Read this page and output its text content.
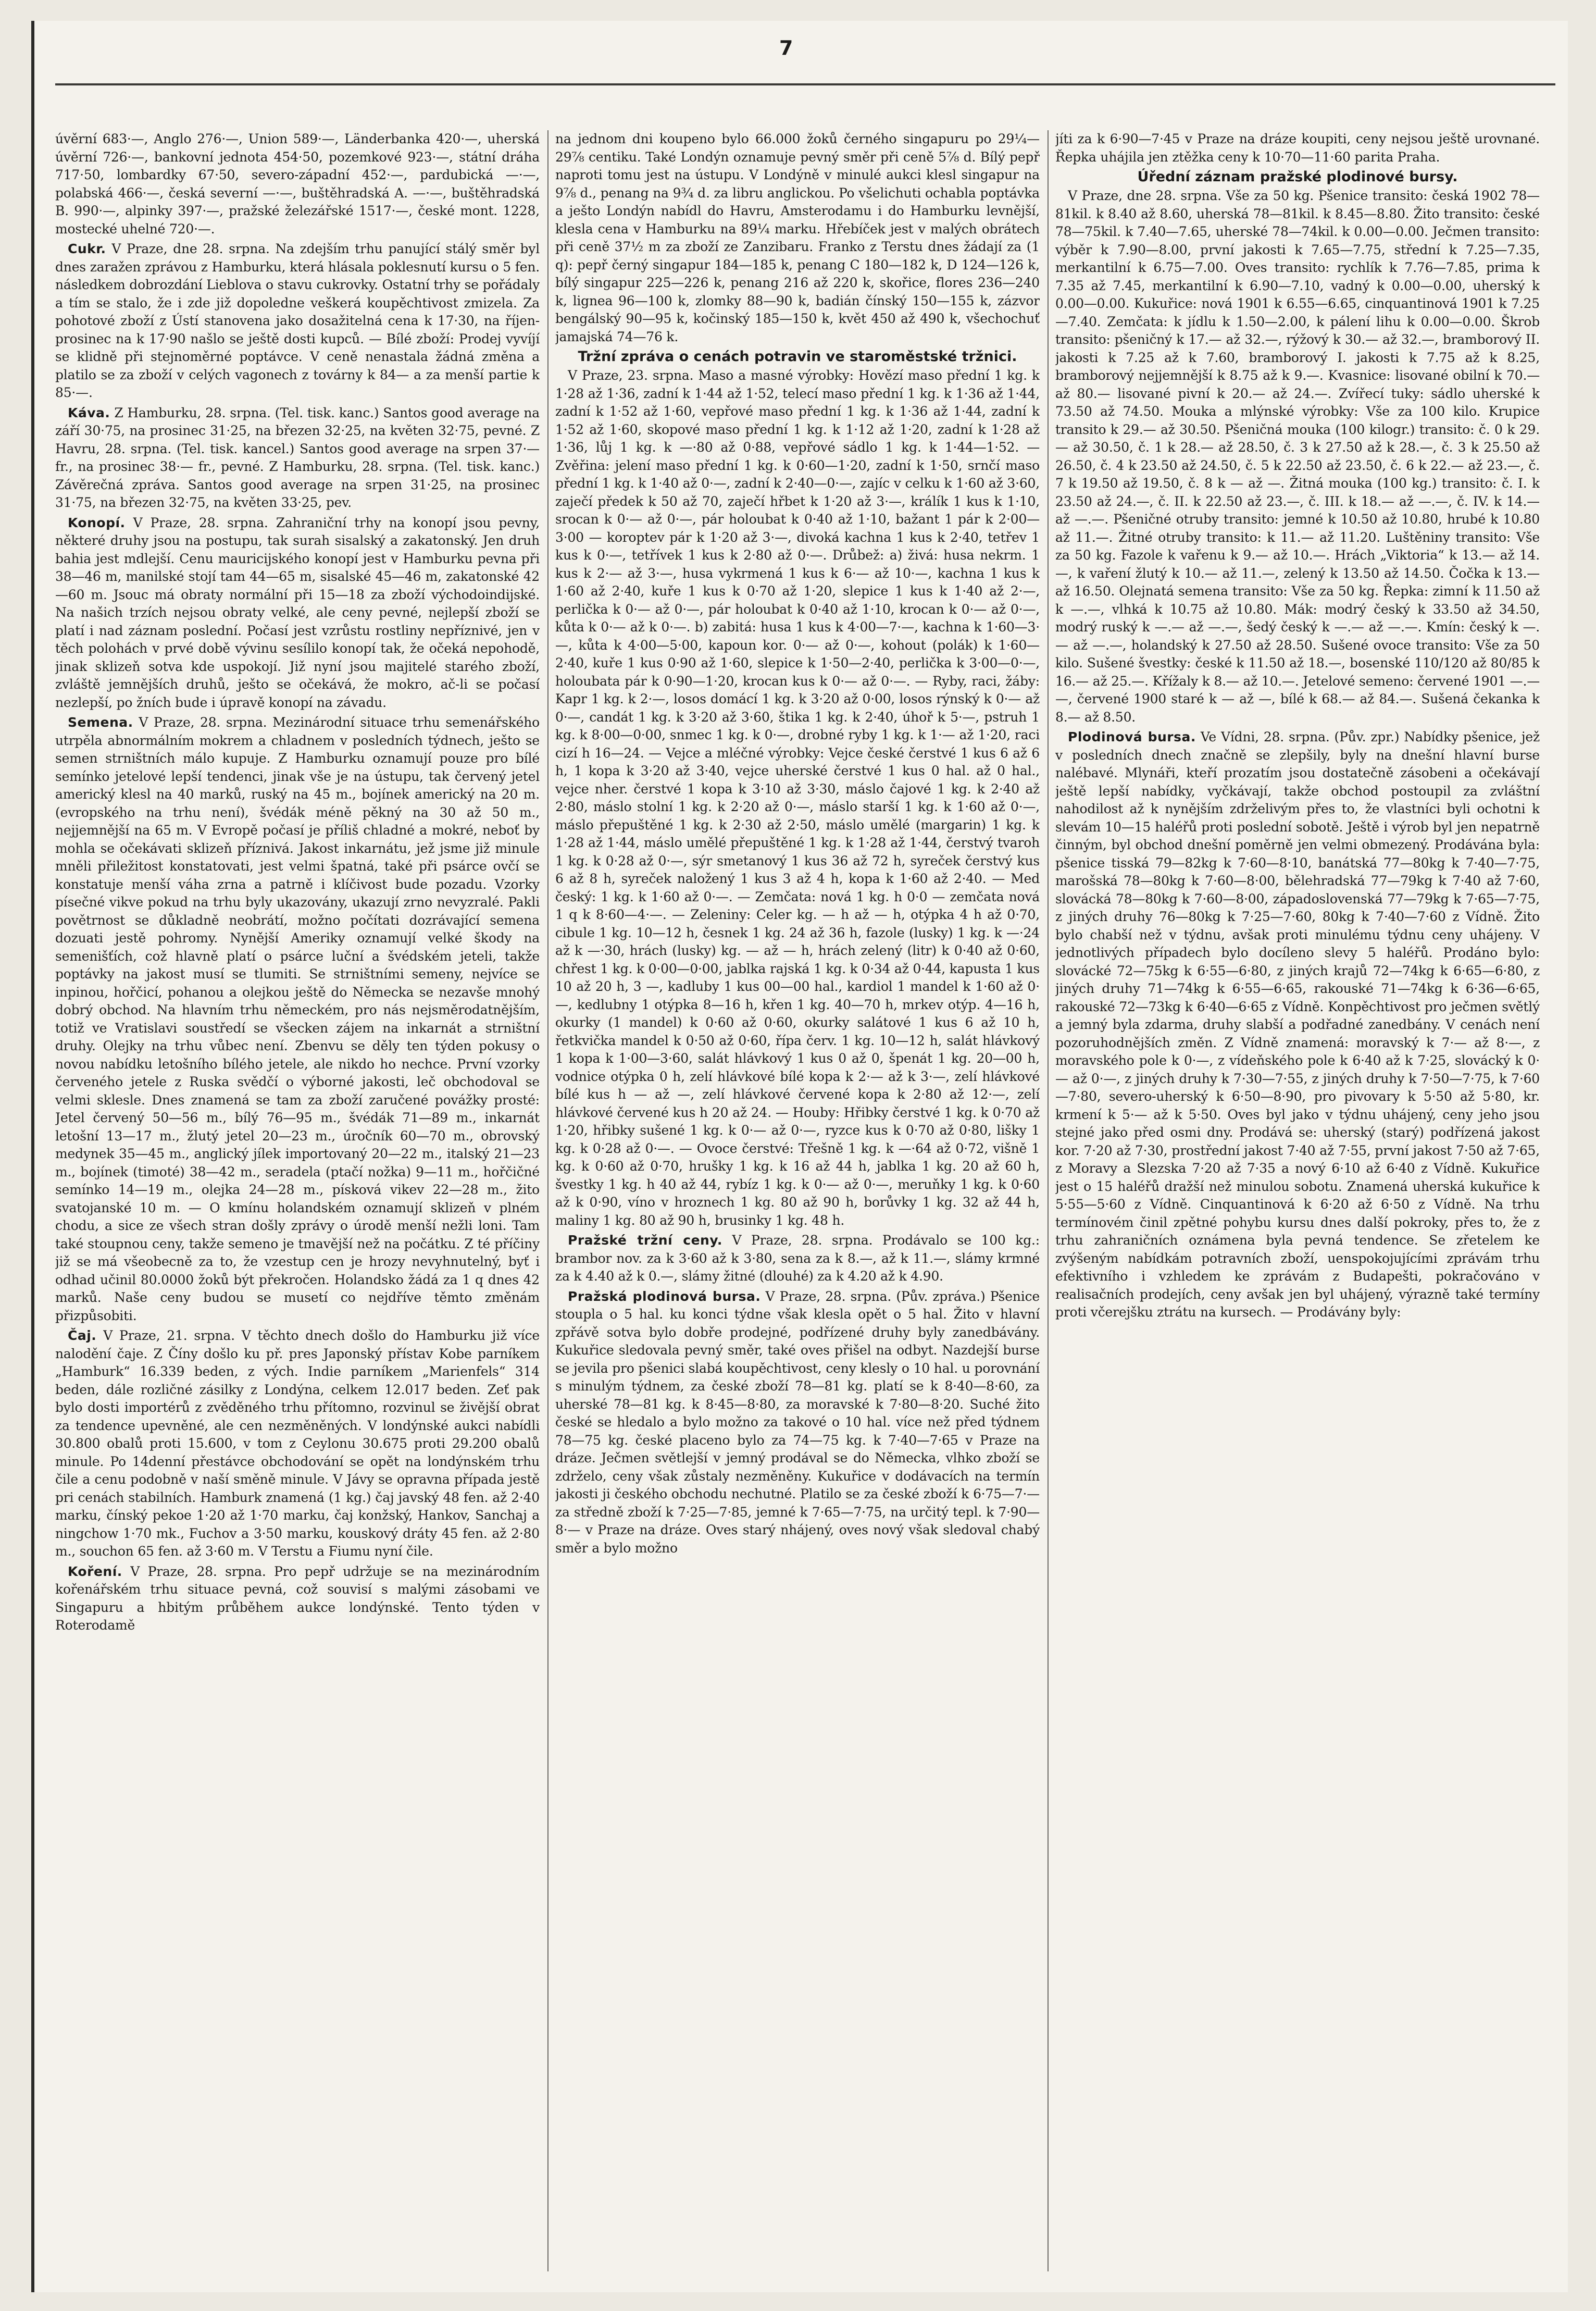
7

úvěrní 683·—, Anglo 276·—, Union 589·—, Länderbanka 420·—, uherská úvěrní 726·—, bankovní jednota 454·50, pozemkové 923·—, státní dráha 717·50, lombardky 67·50, severo-západní 452·—, pardubická —·—, polabská 466·—, česká severní —·—, buštěhradská A. —·—, buštěhradská B. 990·—, alpinky 397·—, pražské železářské 1517·—, české mont. 1228, mostecké uhelné 720·—.

Cukr. V Praze, dne 28. srpna. Na zdejším trhu panující stálý směr byl dnes zaražen zprávou z Hamburku, která hlásala poklesnutí kursu o 5 fen. následkem dobrozdání Lieblova o stavu cukrovky. Ostatní trhy se pořádaly a tím se stalo, že i zde již dopoledne veškerá koupěchtivost zmizela. Za pohotové zboží z Ústí stanovena jako dosažitelná cena k 17·30, na říjen-prosinec na k 17·90 našlo se ještě dosti kupců. — Bílé zboží: Prodej vyvíjí se klidně při stejnoměrné poptávce. V ceně nenastala žádná změna a platilo se za zboží v celých vagonech z továrny k 84— a za menší partie k 85·—.

Káva. Z Hamburku, 28. srpna. (Tel. tisk. kanc.) Santos good average na září 30·75, na prosinec 31·25, na březen 32·25, na květen 32·75, pevné. Z Havru, 28. srpna. (Tel. tisk. kancel.) Santos good average na srpen 37·— fr., na prosinec 38·— fr., pevné. Z Hamburku, 28. srpna. (Tel. tisk. kanc.) Závěrečná zpráva. Santos good average na srpen 31·25, na prosinec 31·75, na březen 32·75, na květen 33·25, pev.

Konopí. V Praze, 28. srpna. Zahraniční trhy na konopí jsou pevny, některé druhy jsou na postupu, tak surah sisalský a zakatonský. Jen druh bahia jest mdlejší. Cenu mauricijského konopí jest v Hamburku pevna při 38—46 m, manilské stojí tam 44—65 m, sisalské 45—46 m, zakatonské 42—60 m. Jsouc má obraty normální při 15—18 za zboží východoindijské. Na našich trzích nejsou obraty velké, ale ceny pevné, nejlepší zboží se platí i nad záznam poslední. Počasí jest vzrůstu rostliny nepříznivé, jen v těch polohách v prvé době vývinu sesílilo konopí tak, že očeká nepohodě, jinak sklizeň sotva kde uspokojí. Již nyní jsou majitelé starého zboží, zvláště jemnějších druhů, ješto se očekává, že mokro, ač-li se počasí nezlepší, po žních bude i úpravě konopí na závadu.

Semena. V Praze, 28. srpna. Mezinárodní situace trhu semenářského utrpěla abnormálním mokrem a chladnem v posledních týdnech, ješto se semen strništních málo kupuje. Z Hamburku oznamují pouze pro bílé semínko jetelové lepší tendenci, jinak vše je na ústupu, tak červený jetel americký klesl na 40 marků, ruský na 45 m., bojínek americký na 20 m. (evropského na trhu není), švédák méně pěkný na 30 až 50 m., nejjemnější na 65 m. V Evropě počasí je příliš chladné a mokré, neboť by mohla se očekávati sklizeň příznivá. Jakost inkarnátu, jež jsme již minule mněli přiležitost konstatovati, jest velmi špatná, také při psárce ovčí se konstatuje menší váha zrna a patrně i klíčivost bude pozadu. Vzorky písečné vikve pokud na trhu byly ukazovány, ukazují zrno nevyzralé. Pakli povětrnost se důkladně neobrátí, možno počítati dozrávající semena dozuati jestě pohromy. Nynější Ameriky oznamují velké škody na semenišťích, což hlavně platí o psárce luční a švédském jeteli, takže poptávky na jakost musí se tlumiti. Se strništními semeny, nejvíce se inpinou, hořčicí, pohanou a olejkou ještě do Německa se nezavše mnohý dobrý obchod. Na hlavním trhu německém, pro nás nejsměrodatnějším, totiž ve Vratislavi soustředí se všecken zájem na inkarnát a strništní druhy. Olejky na trhu vůbec není. Zbenvu se děly ten týden pokusy o novou nabídku letošního bílého jetele, ale nikdo ho nechce. První vzorky červeného jetele z Ruska svědčí o výborné jakosti, leč obchodoval se velmi sklesle. Dnes znamená se tam za zboží zaručené povážky prosté: Jetel červený 50—56 m., bílý 76—95 m., švédák 71—89 m., inkarnát letošní 13—17 m., žlutý jetel 20—23 m., úročník 60—70 m., obrovský medynek 35—45 m., anglický jílek importovaný 20—22 m., italský 21—23 m., bojínek (timoté) 38—42 m., seradela (ptačí nožka) 9—11 m., hořčičné semínko 14—19 m., olejka 24—28 m., písková vikev 22—28 m., žito svatojanské 10 m. — O kmínu holandském oznamují sklizeň v plném chodu, a sice ze všech stran došly zprávy o úrodě menší nežli loni. Tam také stoupnou ceny, takže semeno je tmavější než na počátku. Z té příčiny již se má všeobecně za to, že vzestup cen je hrozy nevyhnutelný, byť i odhad učinil 80.0000 žoků být překročen. Holandsko žádá za 1 q dnes 42 marků. Naše ceny budou se musetí co nejdříve těmto změnám přizpůsobiti.

Čaj. V Praze, 21. srpna. V těchto dnech došlo do Hamburku již více nalodění čaje. Z Číny došlo ku př. pres Japonský přístav Kobe parníkem „Hamburk“ 16.339 beden, z vých. Indie parníkem „Marienfels“ 314 beden, dále rozličné zásilky z Londýna, celkem 12.017 beden. Zeť pak bylo dosti importérů z zvěděného trhu přítomno, rozvinul se živější obrat za tendence upevněné, ale cen nezměněných. V londýnské aukci nabídli 30.800 obalů proti 15.600, v tom z Ceylonu 30.675 proti 29.200 obalů minule. Po 14denní přestávce obchodování se opět na londýnském trhu čile a cenu podobně v naší směně minule. V Jávy se opravna případa jestě pri cenách stabilních. Hamburk znamená (1 kg.) čaj javský 48 fen. až 2·40 marku, čínský pekoe 1·20 až 1·70 marku, čaj konžský, Hankov, Sanchaj a ningchow 1·70 mk., Fuchov a 3·50 marku, kouskový dráty 45 fen. až 2·80 m., souchon 65 fen. až 3·60 m. V Terstu a Fiumu nyní čile.

Koření. V Praze, 28. srpna. Pro pepř udržuje se na mezinárodním kořenářském trhu situace pevná, což souvisí s malými zásobami ve Singapuru a hbitým průběhem aukce londýnské. Tento týden v Roterodamě

na jednom dni koupeno bylo 66.000 žoků černého singapuru po 29¼—29⅞ centiku. Také Londýn oznamuje pevný směr při ceně 5⅞ d. Bílý pepř naproti tomu jest na ústupu. V Londýně v minulé aukci klesl singapur na 9⅞ d., penang na 9¾ d. za libru anglickou. Po všelichuti ochabla poptávka a ješto Londýn nabídl do Havru, Amsterodamu i do Hamburku levnější, klesla cena v Hamburku na 89¼ marku. Hřebíček jest v malých obrátech při ceně 37½ m za zboží ze Zanzibaru. Franko z Terstu dnes žádají za (1 q): pepř černý singapur 184—185 k, penang C 180—182 k, D 124—126 k, bílý singapur 225—226 k, penang 216 až 220 k, skořice, flores 236—240 k, lignea 96—100 k, zlomky 88—90 k, badián čínský 150—155 k, zázvor bengálský 90—95 k, kočinský 185—150 k, květ 450 až 490 k, všechochuť jamajská 74—76 k.

Tržní zpráva o cenách potravin ve staroměstské tržnici.

V Praze, 23. srpna. Maso a masné výrobky: Hovězí maso přední 1 kg. k 1·28 až 1·36, zadní k 1·44 až 1·52, telecí maso přední 1 kg. k 1·36 až 1·44, zadní k 1·52 až 1·60, vepřové maso přední 1 kg. k 1·36 až 1·44, zadní k 1·52 až 1·60, skopové maso přední 1 kg. k 1·12 až 1·20, zadní k 1·28 až 1·36, lůj 1 kg. k —·80 až 0·88, vepřové sádlo 1 kg. k 1·44—1·52. — Zvěřina: jelení maso přední 1 kg. k 0·60—1·20, zadní k 1·50, srnčí maso přední 1 kg. k 1·40 až 0·—, zadní k 2·40—0·—, zajíc v celku k 1·60 až 3·60, zaječí předek k 50 až 70, zaječí hřbet k 1·20 až 3·—, králík 1 kus k 1·10, srocan k 0·— až 0·—, pár holoubat k 0·40 až 1·10, bažant 1 pár k 2·00—3·00 — koroptev pár k 1·20 až 3·—, divoká kachna 1 kus k 2·40, tetřev 1 kus k 0·—, tetřívek 1 kus k 2·80 až 0·—. Drůbež: a) živá: husa nekrm. 1 kus k 2·— až 3·—, husa vykrmená 1 kus k 6·— až 10·—, kachna 1 kus k 1·60 až 2·40, kuře 1 kus k 0·70 až 1·20, slepice 1 kus k 1·40 až 2·—, perlička k 0·— až 0·—, pár holoubat k 0·40 až 1·10, krocan k 0·— až 0·—, kůta k 0·— až k 0·—. b) zabitá: husa 1 kus k 4·00—7·—, kachna k 1·60—3·—, kůta k 4·00—5·00, kapoun kor. 0·— až 0·—, kohout (polák) k 1·60—2·40, kuře 1 kus 0·90 až 1·60, slepice k 1·50—2·40, perlička k 3·00—0·—, holoubata pár k 0·90—1·20, krocan kus k 0·— až 0·—. — Ryby, raci, žáby: Kapr 1 kg. k 2·—, losos domácí 1 kg. k 3·20 až 0·00, losos rýnský k 0·— až 0·—, candát 1 kg. k 3·20 až 3·60, štika 1 kg. k 2·40, úhoř k 5·—, pstruh 1 kg. k 8·00—0·00, snmec 1 kg. k 0·—, drobné ryby 1 kg. k 1·— až 1·20, raci cizí h 16—24. — Vejce a mléčné výrobky: Vejce české čerstvé 1 kus 6 až 6 h, 1 kopa k 3·20 až 3·40, vejce uherské čerstvé 1 kus 0 hal. až 0 hal., vejce nher. čerstvé 1 kopa k 3·10 až 3·30, máslo čajové 1 kg. k 2·40 až 2·80, máslo stolní 1 kg. k 2·20 až 0·—, máslo starší 1 kg. k 1·60 až 0·—, máslo přepuštěné 1 kg. k 2·30 až 2·50, máslo umělé (margarin) 1 kg. k 1·28 až 1·44, máslo umělé přepuštěné 1 kg. k 1·28 až 1·44, čerstvý tvaroh 1 kg. k 0·28 až 0·—, sýr smetanový 1 kus 36 až 72 h, syreček čerstvý kus 6 až 8 h, syreček naložený 1 kus 3 až 4 h, kopa k 1·60 až 2·40. — Med český: 1 kg. k 1·60 až 0·—. — Zemčata: nová 1 kg. h 0·0 — zemčata nová 1 q k 8·60—4·—. — Zeleniny: Celer kg. — h až — h, otýpka 4 h až 0·70, cibule 1 kg. 10—12 h, česnek 1 kg. 24 až 36 h, fazole (lusky) 1 kg. k —·24 až k —·30, hrách (lusky) kg. — až — h, hrách zelený (litr) k 0·40 až 0·60, chřest 1 kg. k 0·00—0·00, jablka rajská 1 kg. k 0·34 až 0·44, kapusta 1 kus 10 až 20 h, 3 —, kadluby 1 kus 00—00 hal., kardiol 1 mandel k 1·60 až 0·—, kedlubny 1 otýpka 8—16 h, křen 1 kg. 40—70 h, mrkev otýp. 4—16 h, okurky (1 mandel) k 0·60 až 0·60, okurky salátové 1 kus 6 až 10 h, řetkvička mandel k 0·50 až 0·60, řípa červ. 1 kg. 10—12 h, salát hlávkový 1 kopa k 1·00—3·60, salát hlávkový 1 kus 0 až 0, špenát 1 kg. 20—00 h, vodnice otýpka 0 h, zelí hlávkové bílé kopa k 2·— až k 3·—, zelí hlávkové bílé kus h — až —, zelí hlávkové červené kopa k 2·80 až 12·—, zelí hlávkové červené kus h 20 až 24. — Houby: Hřibky čerstvé 1 kg. k 0·70 až 1·20, hřibky sušené 1 kg. k 0·— až 0·—, ryzce kus k 0·70 až 0·80, lišky 1 kg. k 0·28 až 0·—. — Ovoce čerstvé: Třešně 1 kg. k —·64 až 0·72, višně 1 kg. k 0·60 až 0·70, hrušky 1 kg. k 16 až 44 h, jablka 1 kg. 20 až 60 h, švestky 1 kg. h 40 až 44, rybíz 1 kg. k 0·— až 0·—, meruňky 1 kg. k 0·60 až k 0·90, víno v hroznech 1 kg. 80 až 90 h, borůvky 1 kg. 32 až 44 h, maliny 1 kg. 80 až 90 h, brusinky 1 kg. 48 h.

Pražské tržní ceny. V Praze, 28. srpna. Prodávalo se 100 kg.: brambor nov. za k 3·60 až k 3·80, sena za k 8.—, až k 11.—, slámy krmné za k 4.40 až k 0.—, slámy žitné (dlouhé) za k 4.20 až k 4.90.

Pražská plodinová bursa. V Praze, 28. srpna. (Pův. zpráva.) Pšenice stoupla o 5 hal. ku konci týdne však klesla opět o 5 hal. Žito v hlavní zpřávě sotva bylo dobře prodejné, podřízené druhy byly zanedbávány. Kukuřice sledovala pevný směr, také oves přišel na odbyt. Nazdejší burse se jevila pro pšenici slabá koupěchtivost, ceny klesly o 10 hal. u porovnání s minulým týdnem, za české zboží 78—81 kg. platí se k 8·40—8·60, za uherské 78—81 kg. k 8·45—8·80, za moravské k 7·80—8·20. Suché žito české se hledalo a bylo možno za takové o 10 hal. více než před týdnem 78—75 kg. české placeno bylo za 74—75 kg. k 7·40—7·65 v Praze na dráze. Ječmen světlejší v jemný prodával se do Německa, vlhko zboží se zdrželo, ceny však zůstaly nezměněny. Kukuřice v dodávacích na termín jakosti ji českého obchodu nechutné. Platilo se za české zboží k 6·75—7·— za středně zboží k 7·25—7·85, jemné k 7·65—7·75, na určitý tepl. k 7·90—8·— v Praze na dráze. Oves starý nhájený, oves nový však sledoval chabý směr a bylo možno

jíti za k 6·90—7·45 v Praze na dráze koupiti, ceny nejsou ještě urovnané. Řepka uhájila jen ztěžka ceny k 10·70—11·60 parita Praha.

Úřední záznam pražské plodinové bursy.

V Praze, dne 28. srpna. Vše za 50 kg. Pšenice transito: česká 1902 78—81kil. k 8.40 až 8.60, uherská 78—81kil. k 8.45—8.80. Žito transito: české 78—75kil. k 7.40—7.65, uherské 78—74kil. k 0.00—0.00. Ječmen transito: výběr k 7.90—8.00, první jakosti k 7.65—7.75, střední k 7.25—7.35, merkantilní k 6.75—7.00. Oves transito: rychlík k 7.76—7.85, prima k 7.35 až 7.45, merkantilní k 6.90—7.10, vadný k 0.00—0.00, uherský k 0.00—0.00. Kukuřice: nová 1901 k 6.55—6.65, cinquantinová 1901 k 7.25—7.40. Zemčata: k jídlu k 1.50—2.00, k pálení lihu k 0.00—0.00. Škrob transito: pšeničný k 17.— až 32.—, rýžový k 30.— až 32.—, bramborový II. jakosti k 7.25 až k 7.60, bramborový I. jakosti k 7.75 až k 8.25, bramborový nejjemnější k 8.75 až k 9.—. Kvasnice: lisované obilní k 70.— až 80.— lisované pivní k 20.— až 24.—. Zvířecí tuky: sádlo uherské k 73.50 až 74.50. Mouka a mlýnské výrobky: Vše za 100 kilo. Krupice transito k 29.— až 30.50. Pšeničná mouka (100 kilogr.) transito: č. 0 k 29.— až 30.50, č. 1 k 28.— až 28.50, č. 3 k 27.50 až k 28.—, č. 3 k 25.50 až 26.50, č. 4 k 23.50 až 24.50, č. 5 k 22.50 až 23.50, č. 6 k 22.— až 23.—, č. 7 k 19.50 až 19.50, č. 8 k — až —. Žitná mouka (100 kg.) transito: č. I. k 23.50 až 24.—, č. II. k 22.50 až 23.—, č. III. k 18.— až —.—, č. IV. k 14.— až —.—. Pšeničné otruby transito: jemné k 10.50 až 10.80, hrubé k 10.80 až 11.—. Žitné otruby transito: k 11.— až 11.20. Luštěniny transito: Vše za 50 kg. Fazole k vařenu k 9.— až 10.—. Hrách „Viktoria“ k 13.— až 14.—, k vaření žlutý k 10.— až 11.—, zelený k 13.50 až 14.50. Čočka k 13.— až 16.50. Olejnatá semena transito: Vše za 50 kg. Řepka: zimní k 11.50 až k —.—, vlhká k 10.75 až 10.80. Mák: modrý český k 33.50 až 34.50, modrý ruský k —.— až —.—, šedý český k —.— až —.—. Kmín: český k —.— až —.—, holandský k 27.50 až 28.50. Sušené ovoce transito: Vše za 50 kilo. Sušené švestky: české k 11.50 až 18.—, bosenské 110/120 až 80/85 k 16.— až 25.—. Křížaly k 8.— až 10.—. Jetelové semeno: červené 1901 —.— —, červené 1900 staré k — až —, bílé k 68.— až 84.—. Sušená čekanka k 8.— až 8.50.

Plodinová bursa. Ve Vídni, 28. srpna. (Pův. zpr.) Nabídky pšenice, jež v posledních dnech značně se zlepšily, byly na dnešní hlavní burse nalébavé. Mlynáři, kteří prozatím jsou dostatečně zásobeni a očekávají ještě lepší nabídky, vyčkávají, takže obchod postoupil za zvláštní nahodilost až k nynějším zdrželivým přes to, že vlastníci byli ochotni k slevám 10—15 haléřů proti poslední sobotě. Ještě i výrob byl jen nepatrně činným, byl obchod dnešní poměrně jen velmi obmezený. Prodávána byla: pšenice tisská 79—82kg k 7·60—8·10, banátská 77—80kg k 7·40—7·75, marošská 78—80kg k 7·60—8·00, bělehradská 77—79kg k 7·40 až 7·60, slovácká 78—80kg k 7·60—8·00, západoslovenská 77—79kg k 7·65—7·75, z jiných druhy 76—80kg k 7·25—7·60, 80kg k 7·40—7·60 z Vídně. Žito bylo chabší než v týdnu, avšak proti minulému týdnu ceny uhájeny. V jednotlivých případech bylo docíleno slevy 5 haléřů. Prodáno bylo: slovácké 72—75kg k 6·55—6·80, z jiných krajů 72—74kg k 6·65—6·80, z jiných druhy 71—74kg k 6·55—6·65, rakouské 71—74kg k 6·36—6·65, rakouské 72—73kg k 6·40—6·65 z Vídně. Konpěchtivost pro ječmen světlý a jemný byla zdarma, druhy slabší a podřadné zanedbány. V cenách není pozoruhodnějších změn. Z Vídně znamená: moravský k 7·— až 8·—, z moravského pole k 0·—, z vídeňského pole k 6·40 až k 7·25, slovácký k 0·— až 0·—, z jiných druhy k 7·30—7·55, z jiných druhy k 7·50—7·75, k 7·60—7·80, severo-uherský k 6·50—8·90, pro pivovary k 5·50 až 5·80, kr. krmení k 5·— až k 5·50. Oves byl jako v týdnu uhájený, ceny jeho jsou stejné jako před osmi dny. Prodává se: uherský (starý) podřízená jakost kor. 7·20 až 7·30, prostřední jakost 7·40 až 7·55, první jakost 7·50 až 7·65, z Moravy a Slezska 7·20 až 7·35 a nový 6·10 až 6·40 z Vídně. Kukuřice jest o 15 haléřů dražší než minulou sobotu. Znamená uherská kukuřice k 5·55—5·60 z Vídně. Cinquantinová k 6·20 až 6·50 z Vídně. Na trhu termínovém činil zpětné pohybu kursu dnes další pokroky, přes to, že z trhu zahraničních oznámena byla pevná tendence. Se zřetelem ke zvýšeným nabídkám potravních zboží, uenspokojujícími zprávám trhu efektivního i vzhledem ke zprávám z Budapešti, pokračováno v realisačních prodejích, ceny avšak jen byl uhájený, výrazně také termíny proti včerejšku ztrátu na kursech. — Prodávány byly:
